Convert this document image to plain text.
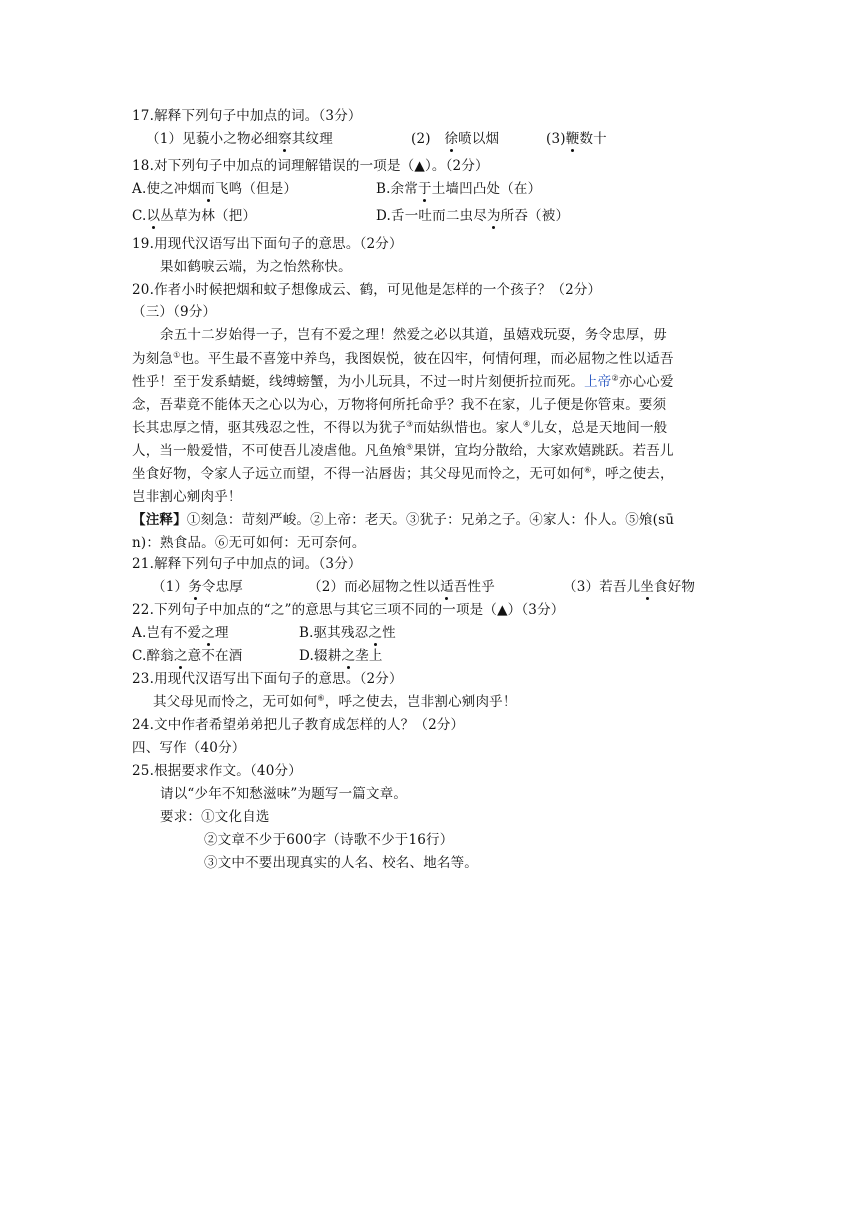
17.解释下列句子中加点的词。（3分）
（1）见藐小之物必细察其纹理	(2)　徐喷以烟	(3)鞭数十
18.对下列句子中加点的词理解错误的一项是（▲）。（2分）
A.使之冲烟而飞鸣（但是）	B.余常于土墙凹凸处（在）
C.以丛草为林（把）	D.舌一吐而二虫尽为所吞（被）
19.用现代汉语写出下面句子的意思。（2分）
果如鹤唳云端，为之怡然称快。
20.作者小时候把烟和蚊子想像成云、鹤，可见他是怎样的一个孩子？（2分）
（三）（9分）
余五十二岁始得一子，岂有不爱之理！然爱之必以其道，虽嬉戏玩耍，务令忠厚，毋
为刻急①也。平生最不喜笼中养鸟，我图娱悦，彼在囚牢，何情何理，而必屈物之性以适吾
性乎！至于发系蜻蜓，线缚螃蟹，为小儿玩具，不过一时片刻便折拉而死。上帝②亦心心爱
念，吾辈竟不能体天之心以为心，万物将何所托命乎？我不在家，儿子便是你管束。要须
长其忠厚之情，驱其残忍之性，不得以为犹子③而姑纵惜也。家人④儿女，总是天地间一般
人，当一般爱惜，不可使吾儿凌虐他。凡鱼飧⑤果饼，宜均分散给，大家欢嬉跳跃。若吾儿
坐食好物，令家人子远立而望，不得一沾唇齿；其父母见而怜之，无可如何⑥，呼之使去，
岂非割心剜肉乎！
【注释】①刻急：苛刻严峻。②上帝：老天。③犹子：兄弟之子。④家人：仆人。⑤飧(sū
n)：熟食品。⑥无可如何：无可奈何。
21.解释下列句子中加点的词。（3分）
（1）务令忠厚	（2）而必屈物之性以适吾性乎	（3）若吾儿坐食好物
22.下列句子中加点的“之”的意思与其它三项不同的一项是（▲）（3分）
A.岂有不爱之理	B.驱其残忍之性
C.醉翁之意不在酒	D.辍耕之垄上
23.用现代汉语写出下面句子的意思。（2分）
其父母见而怜之，无可如何⑥，呼之使去，岂非割心剜肉乎！
24.文中作者希望弟弟把儿子教育成怎样的人？（2分）
四、写作（40分）
25.根据要求作文。（40分）
请以“少年不知愁滋味”为题写一篇文章。
要求：①文化自选
②文章不少于600字（诗歌不少于16行）
③文中不要出现真实的人名、校名、地名等。
